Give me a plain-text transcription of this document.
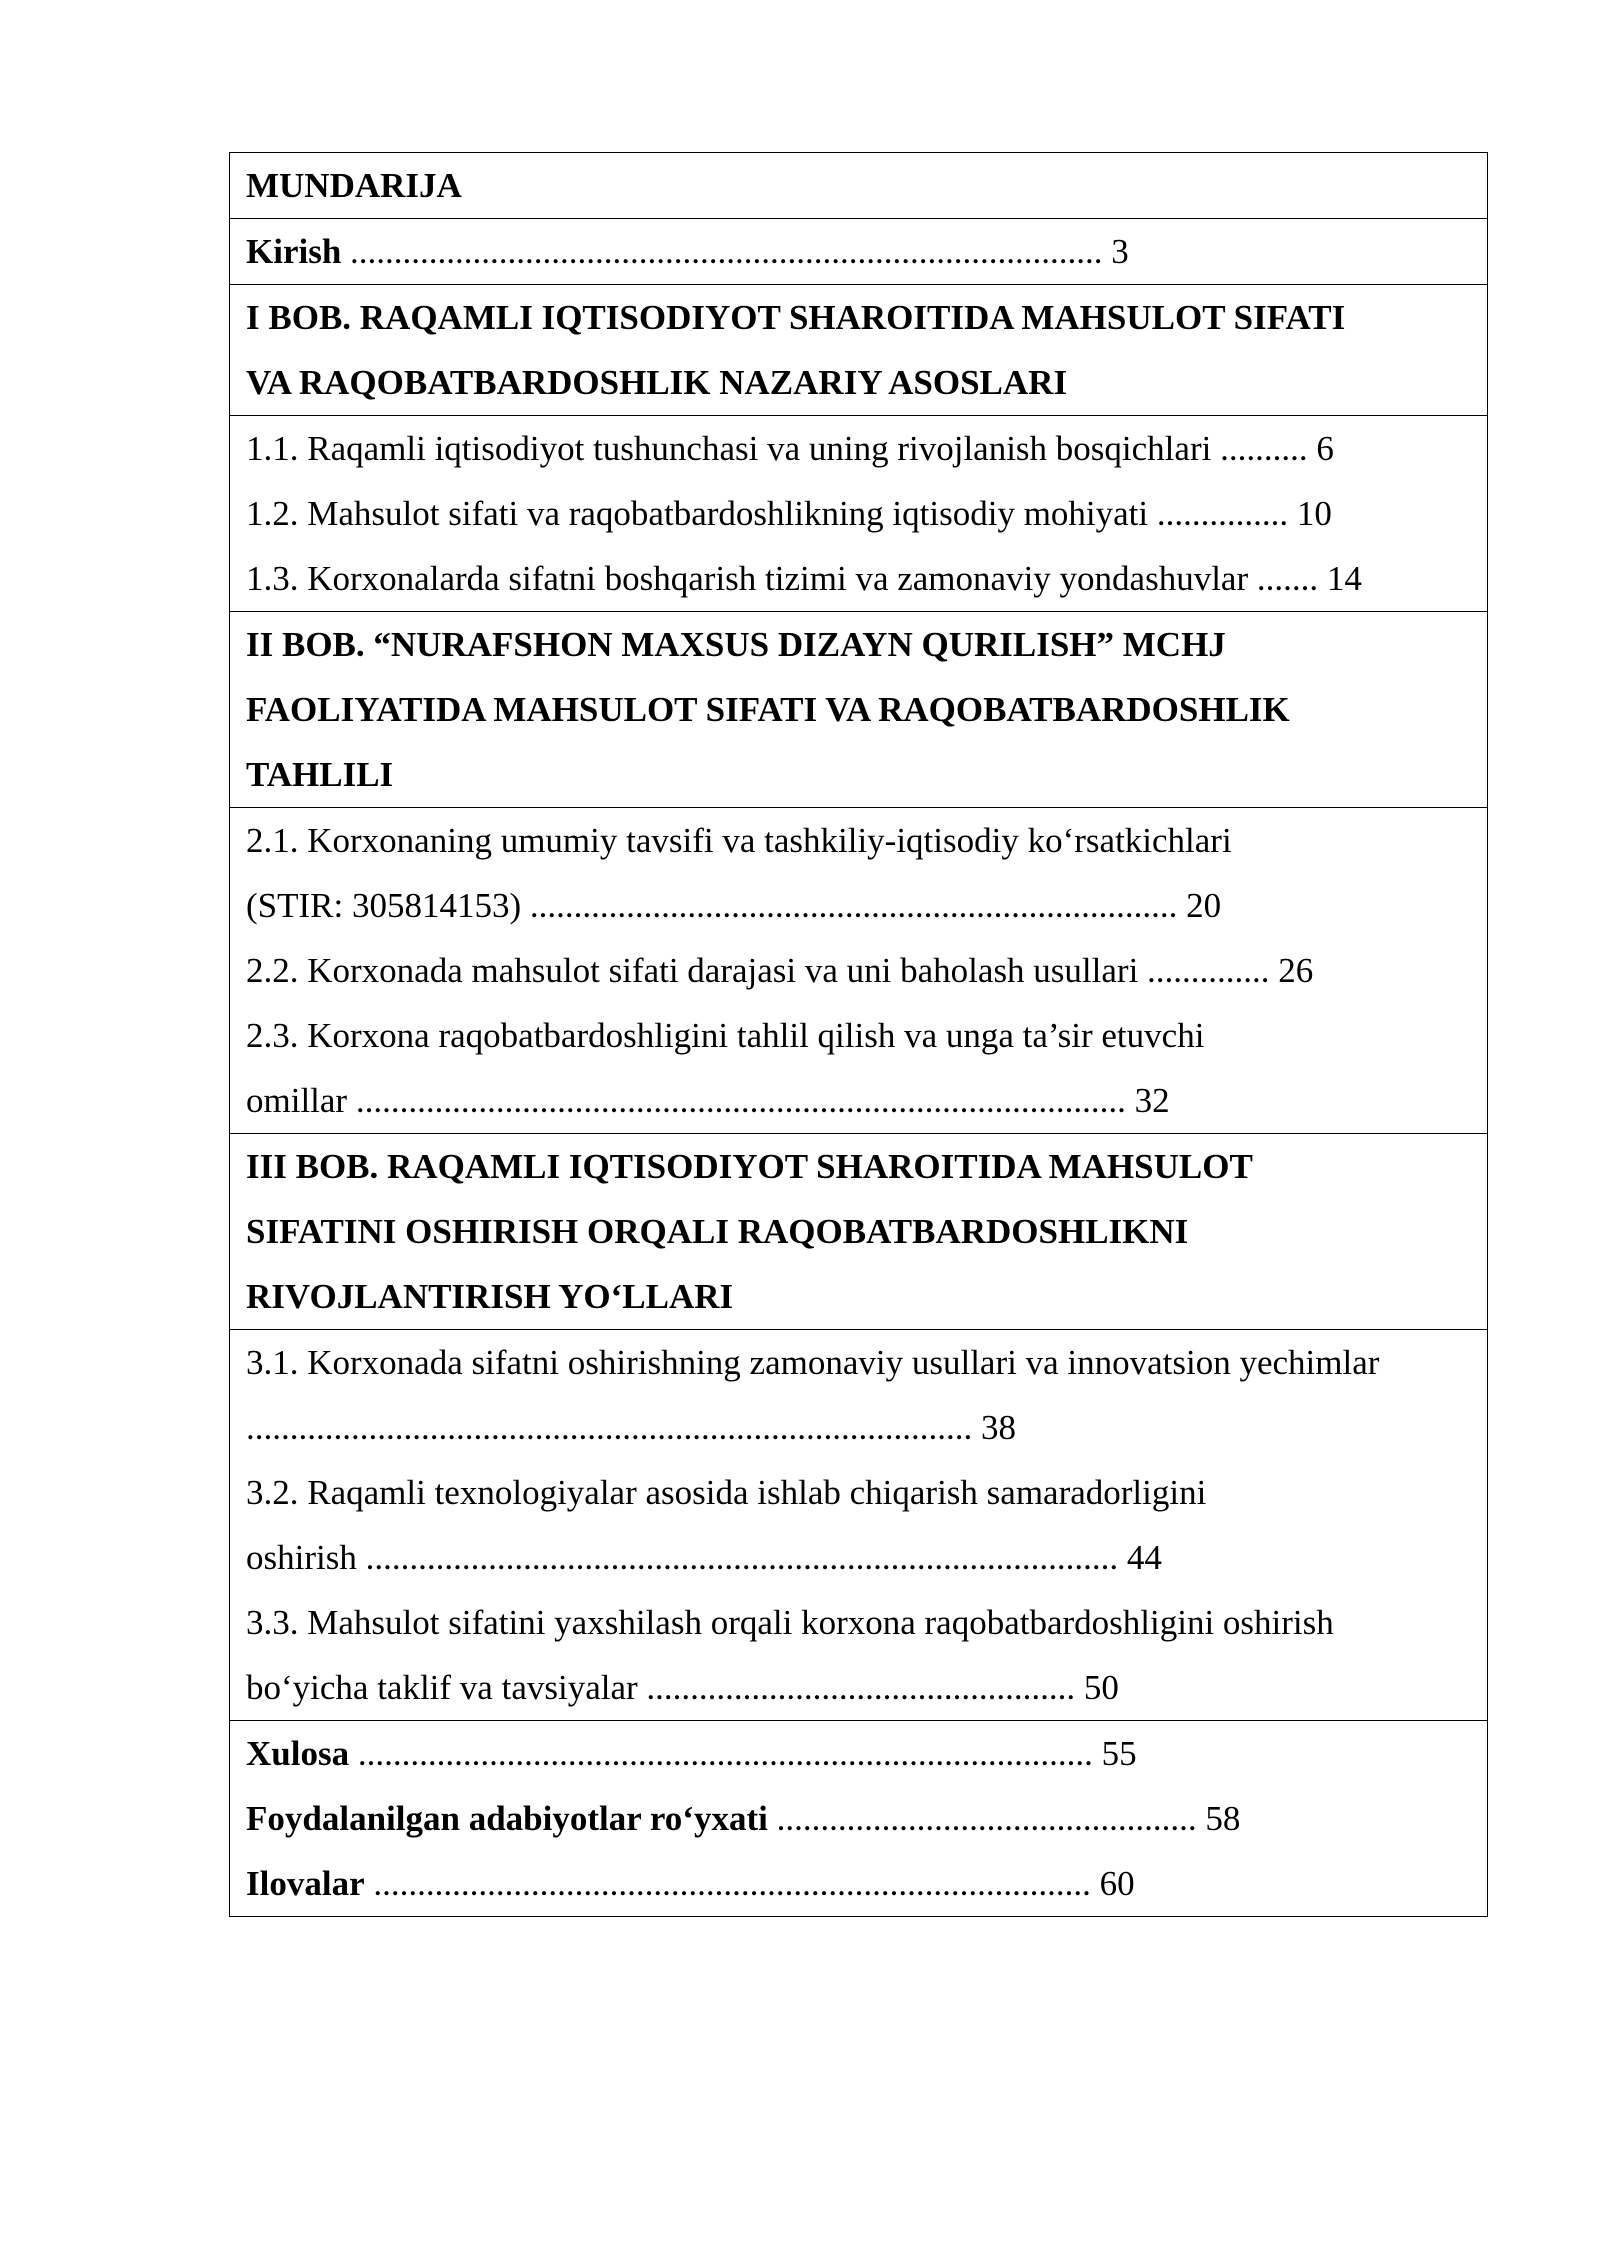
MUNDARIJA
Kirish ...................................................................................... 3
I BOB. RAQAMLI IQTISODIYOT SHAROITIDA MAHSULOT SIFATI
VA RAQOBATBARDOSHLIK NAZARIY ASOSLARI
1.1. Raqamli iqtisodiyot tushunchasi va uning rivojlanish bosqichlari .......... 6
1.2. Mahsulot sifati va raqobatbardoshlikning iqtisodiy mohiyati ............... 10
1.3. Korxonalarda sifatni boshqarish tizimi va zamonaviy yondashuvlar ....... 14
II BOB. “NURAFSHON MAXSUS DIZAYN QURILISH” MCHJ
FAOLIYATIDA MAHSULOT SIFATI VA RAQOBATBARDOSHLIK
TAHLILI
2.1. Korxonaning umumiy tavsifi va tashkiliy-iqtisodiy ko‘rsatkichlari
(STIR: 305814153) .......................................................................... 20
2.2. Korxonada mahsulot sifati darajasi va uni baholash usullari .............. 26
2.3. Korxona raqobatbardoshligini tahlil qilish va unga ta’sir etuvchi
omillar ........................................................................................ 32
III BOB. RAQAMLI IQTISODIYOT SHAROITIDA MAHSULOT
SIFATINI OSHIRISH ORQALI RAQOBATBARDOSHLIKNI
RIVOJLANTIRISH YO‘LLARI
3.1. Korxonada sifatni oshirishning zamonaviy usullari va innovatsion yechimlar
................................................................................... 38
3.2. Raqamli texnologiyalar asosida ishlab chiqarish samaradorligini
oshirish ...................................................................................... 44
3.3. Mahsulot sifatini yaxshilash orqali korxona raqobatbardoshligini oshirish
bo‘yicha taklif va tavsiyalar ................................................. 50
Xulosa .................................................................................... 55
Foydalanilgan adabiyotlar ro‘yxati ................................................ 58
Ilovalar .................................................................................. 60
